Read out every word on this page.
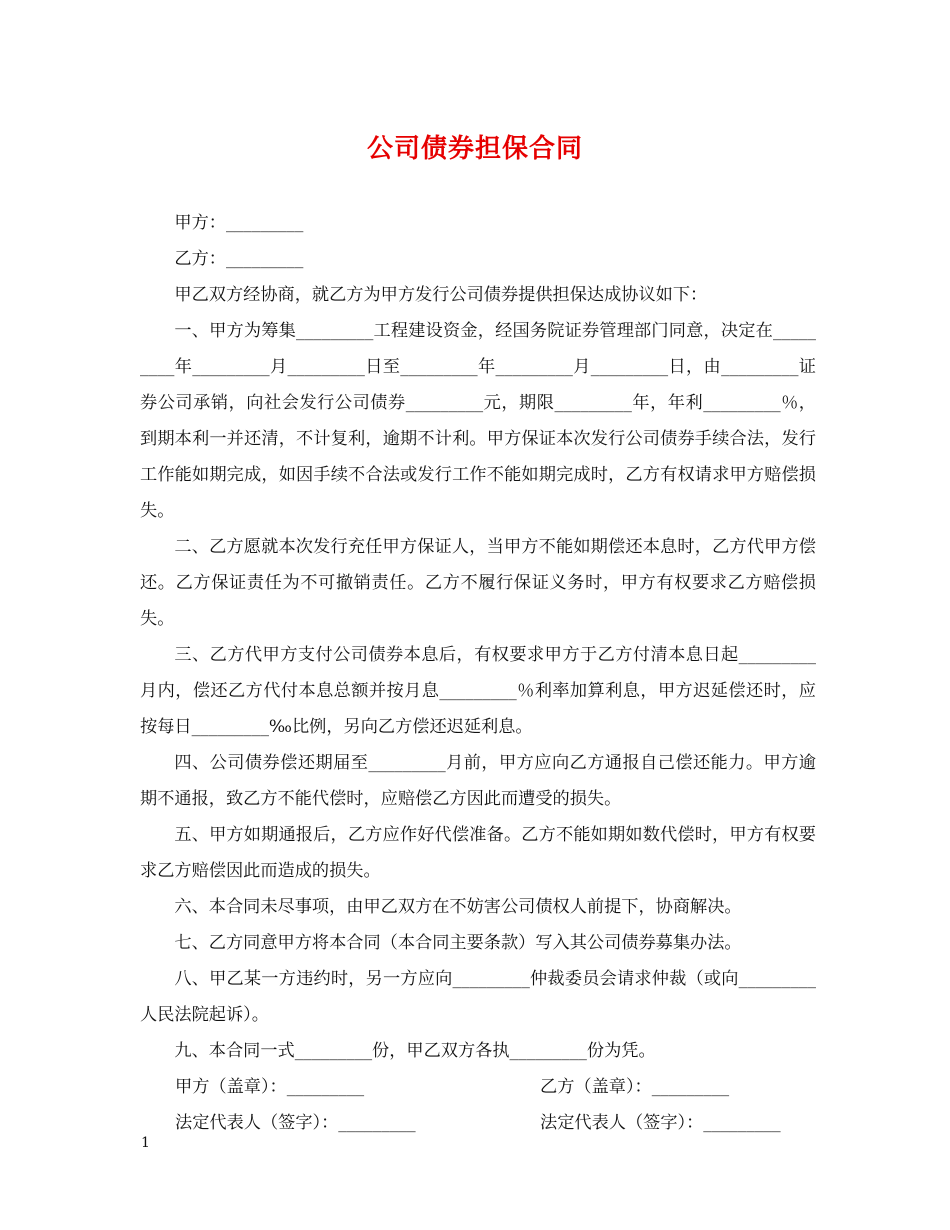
公司债券担保合同

甲方：_________

乙方：_________

甲乙双方经协商，就乙方为甲方发行公司债券提供担保达成协议如下：

一、甲方为筹集_________工程建设资金，经国务院证券管理部门同意，决定在_________年_________月_________日至_________年_________月_________日，由_________证券公司承销，向社会发行公司债券_________元，期限_________年，年利_________％，到期本利一并还清，不计复利，逾期不计利。甲方保证本次发行公司债券手续合法，发行工作能如期完成，如因手续不合法或发行工作不能如期完成时，乙方有权请求甲方赔偿损失。

二、乙方愿就本次发行充任甲方保证人，当甲方不能如期偿还本息时，乙方代甲方偿还。乙方保证责任为不可撤销责任。乙方不履行保证义务时，甲方有权要求乙方赔偿损失。

三、乙方代甲方支付公司债券本息后，有权要求甲方于乙方付清本息日起_________月内，偿还乙方代付本息总额并按月息_________％利率加算利息，甲方迟延偿还时，应按每日_________‰比例，另向乙方偿还迟延利息。

四、公司债券偿还期届至_________月前，甲方应向乙方通报自己偿还能力。甲方逾期不通报，致乙方不能代偿时，应赔偿乙方因此而遭受的损失。

五、甲方如期通报后，乙方应作好代偿准备。乙方不能如期如数代偿时，甲方有权要求乙方赔偿因此而造成的损失。

六、本合同未尽事项，由甲乙双方在不妨害公司债权人前提下，协商解决。

七、乙方同意甲方将本合同（本合同主要条款）写入其公司债券募集办法。

八、甲乙某一方违约时，另一方应向_________仲裁委员会请求仲裁（或向_________人民法院起诉）。

九、本合同一式_________份，甲乙双方各执_________份为凭。

甲方（盖章）：_________	乙方（盖章）：_________
法定代表人（签字）：_________	法定代表人（签字）：_________
1
